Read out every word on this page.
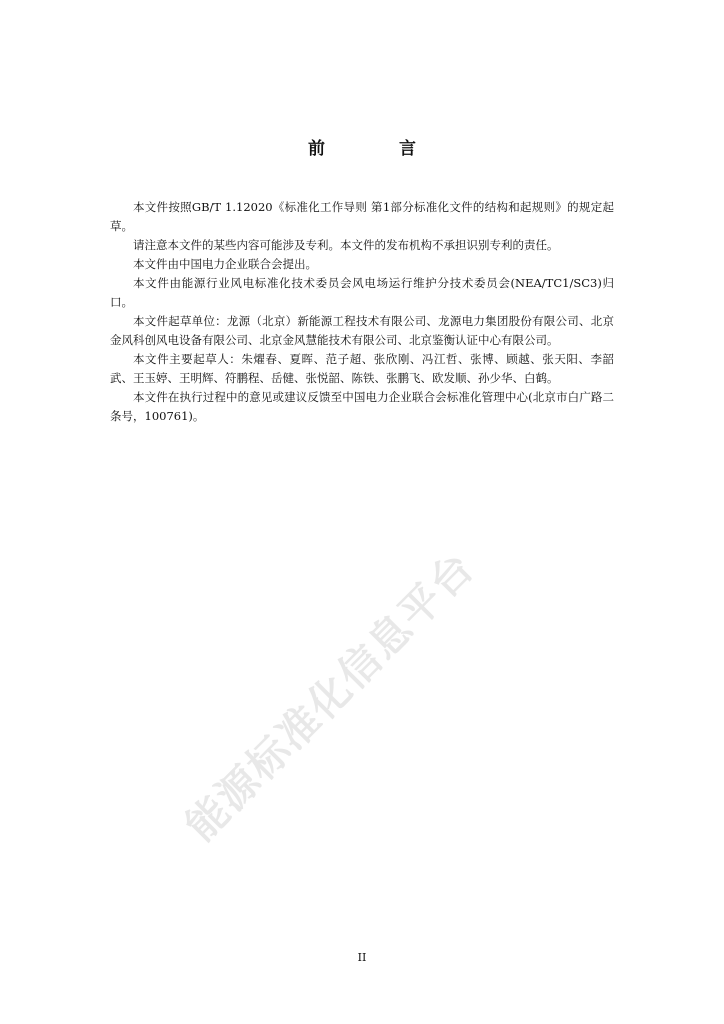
前 言

本文件按照GB/T 1.12020《标准化工作导则 第1部分标准化文件的结构和起规则》的规定起草。

请注意本文件的某些内容可能涉及专利。本文件的发布机构不承担识别专利的责任。

本文件由中国电力企业联合会提出。

本文件由能源行业风电标准化技术委员会风电场运行维护分技术委员会(NEA/TC1/SC3)归口。

本文件起草单位：龙源（北京）新能源工程技术有限公司、龙源电力集团股份有限公司、北京金风科创风电设备有限公司、北京金风慧能技术有限公司、北京鉴衡认证中心有限公司。

本文件主要起草人：朱燿春、夏晖、范子超、张欣刚、冯江哲、张博、顾越、张天阳、李韶武、王玉婷、王明辉、符鹏程、岳健、张悦韶、陈铁、张鹏飞、欧发顺、孙少华、白鹤。

本文件在执行过程中的意见或建议反馈至中国电力企业联合会标准化管理中心(北京市白广路二条号，100761)。

能源标准化信息平台
II
